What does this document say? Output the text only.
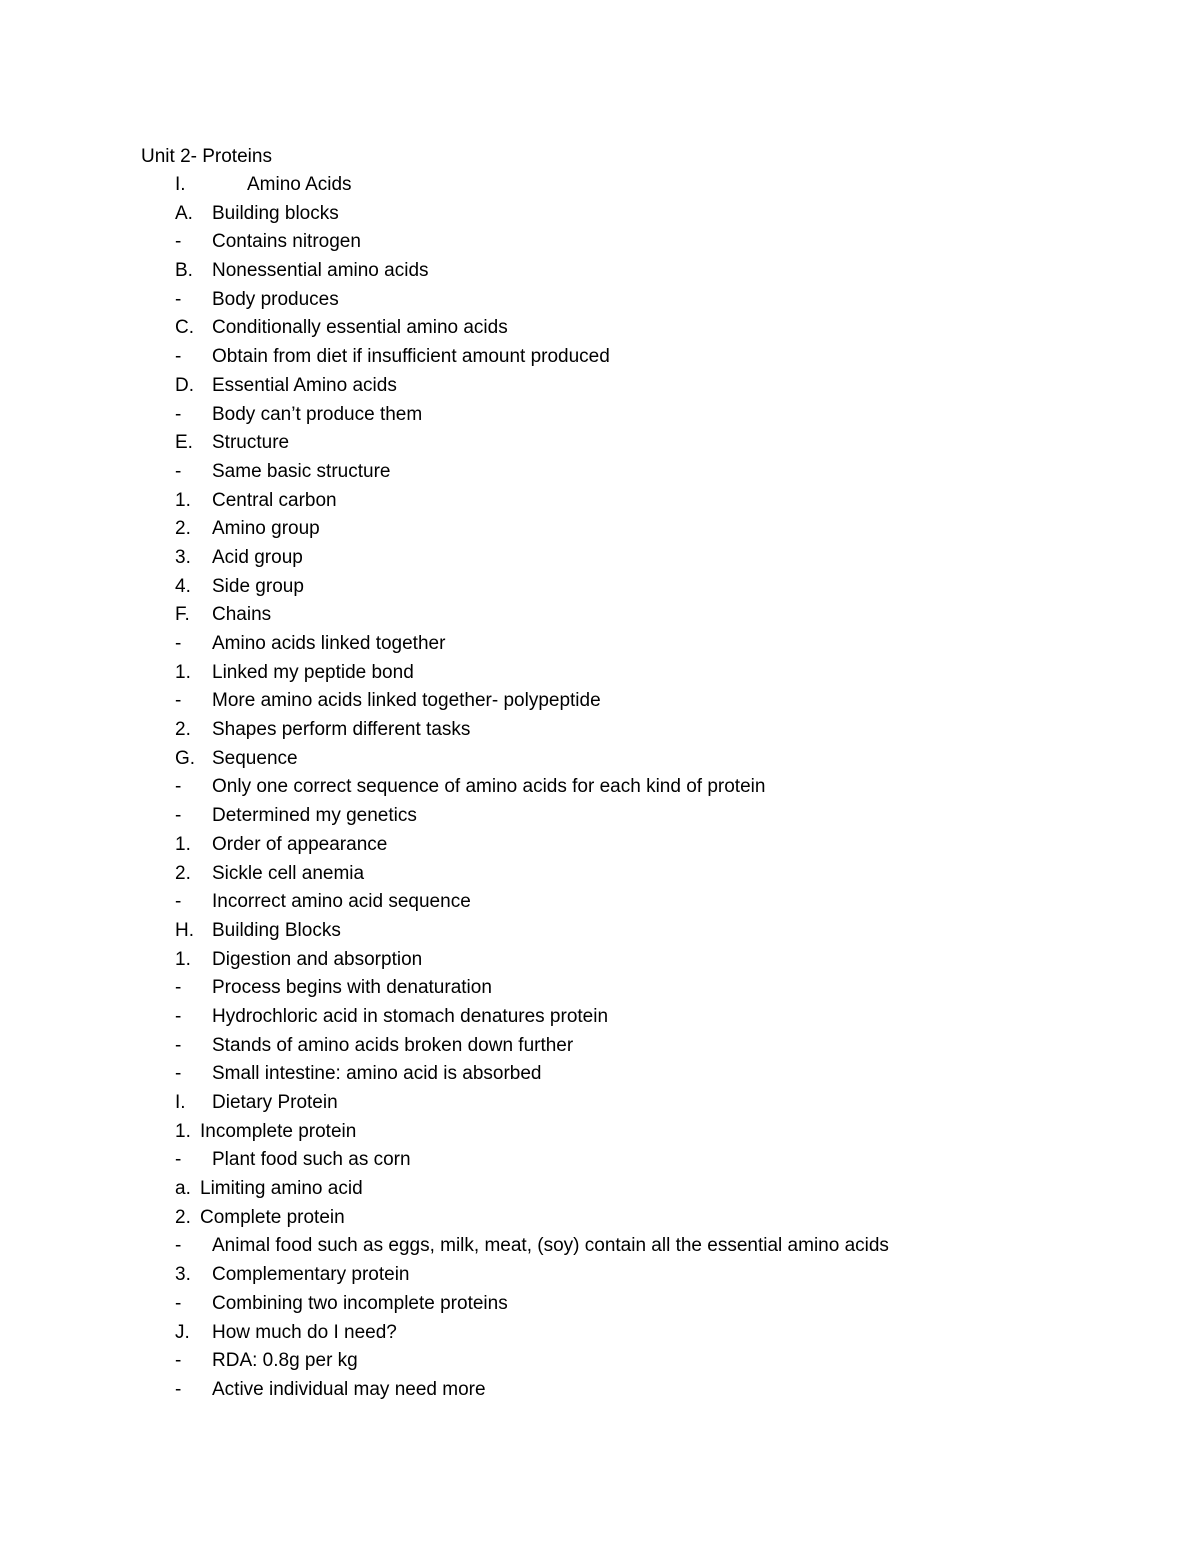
Unit 2- Proteins
I.	Amino Acids
A. Building blocks
- Contains nitrogen
B. Nonessential amino acids
- Body produces
C. Conditionally essential amino acids
- Obtain from diet if insufficient amount produced
D. Essential Amino acids
- Body can’t produce them
E. Structure
- Same basic structure
1. Central carbon
2. Amino group
3. Acid group
4. Side group
F. Chains
- Amino acids linked together
1. Linked my peptide bond
- More amino acids linked together- polypeptide
2. Shapes perform different tasks
G. Sequence
- Only one correct sequence of amino acids for each kind of protein
- Determined my genetics
1. Order of appearance
2. Sickle cell anemia
- Incorrect amino acid sequence
H. Building Blocks
1. Digestion and absorption
- Process begins with denaturation
- Hydrochloric acid in stomach denatures protein
- Stands of amino acids broken down further
- Small intestine: amino acid is absorbed
I. Dietary Protein
1. Incomplete protein
- Plant food such as corn
a. Limiting amino acid
2. Complete protein
- Animal food such as eggs, milk, meat, (soy) contain all the essential amino acids
3. Complementary protein
- Combining two incomplete proteins
J. How much do I need?
- RDA: 0.8g per kg
- Active individual may need more
